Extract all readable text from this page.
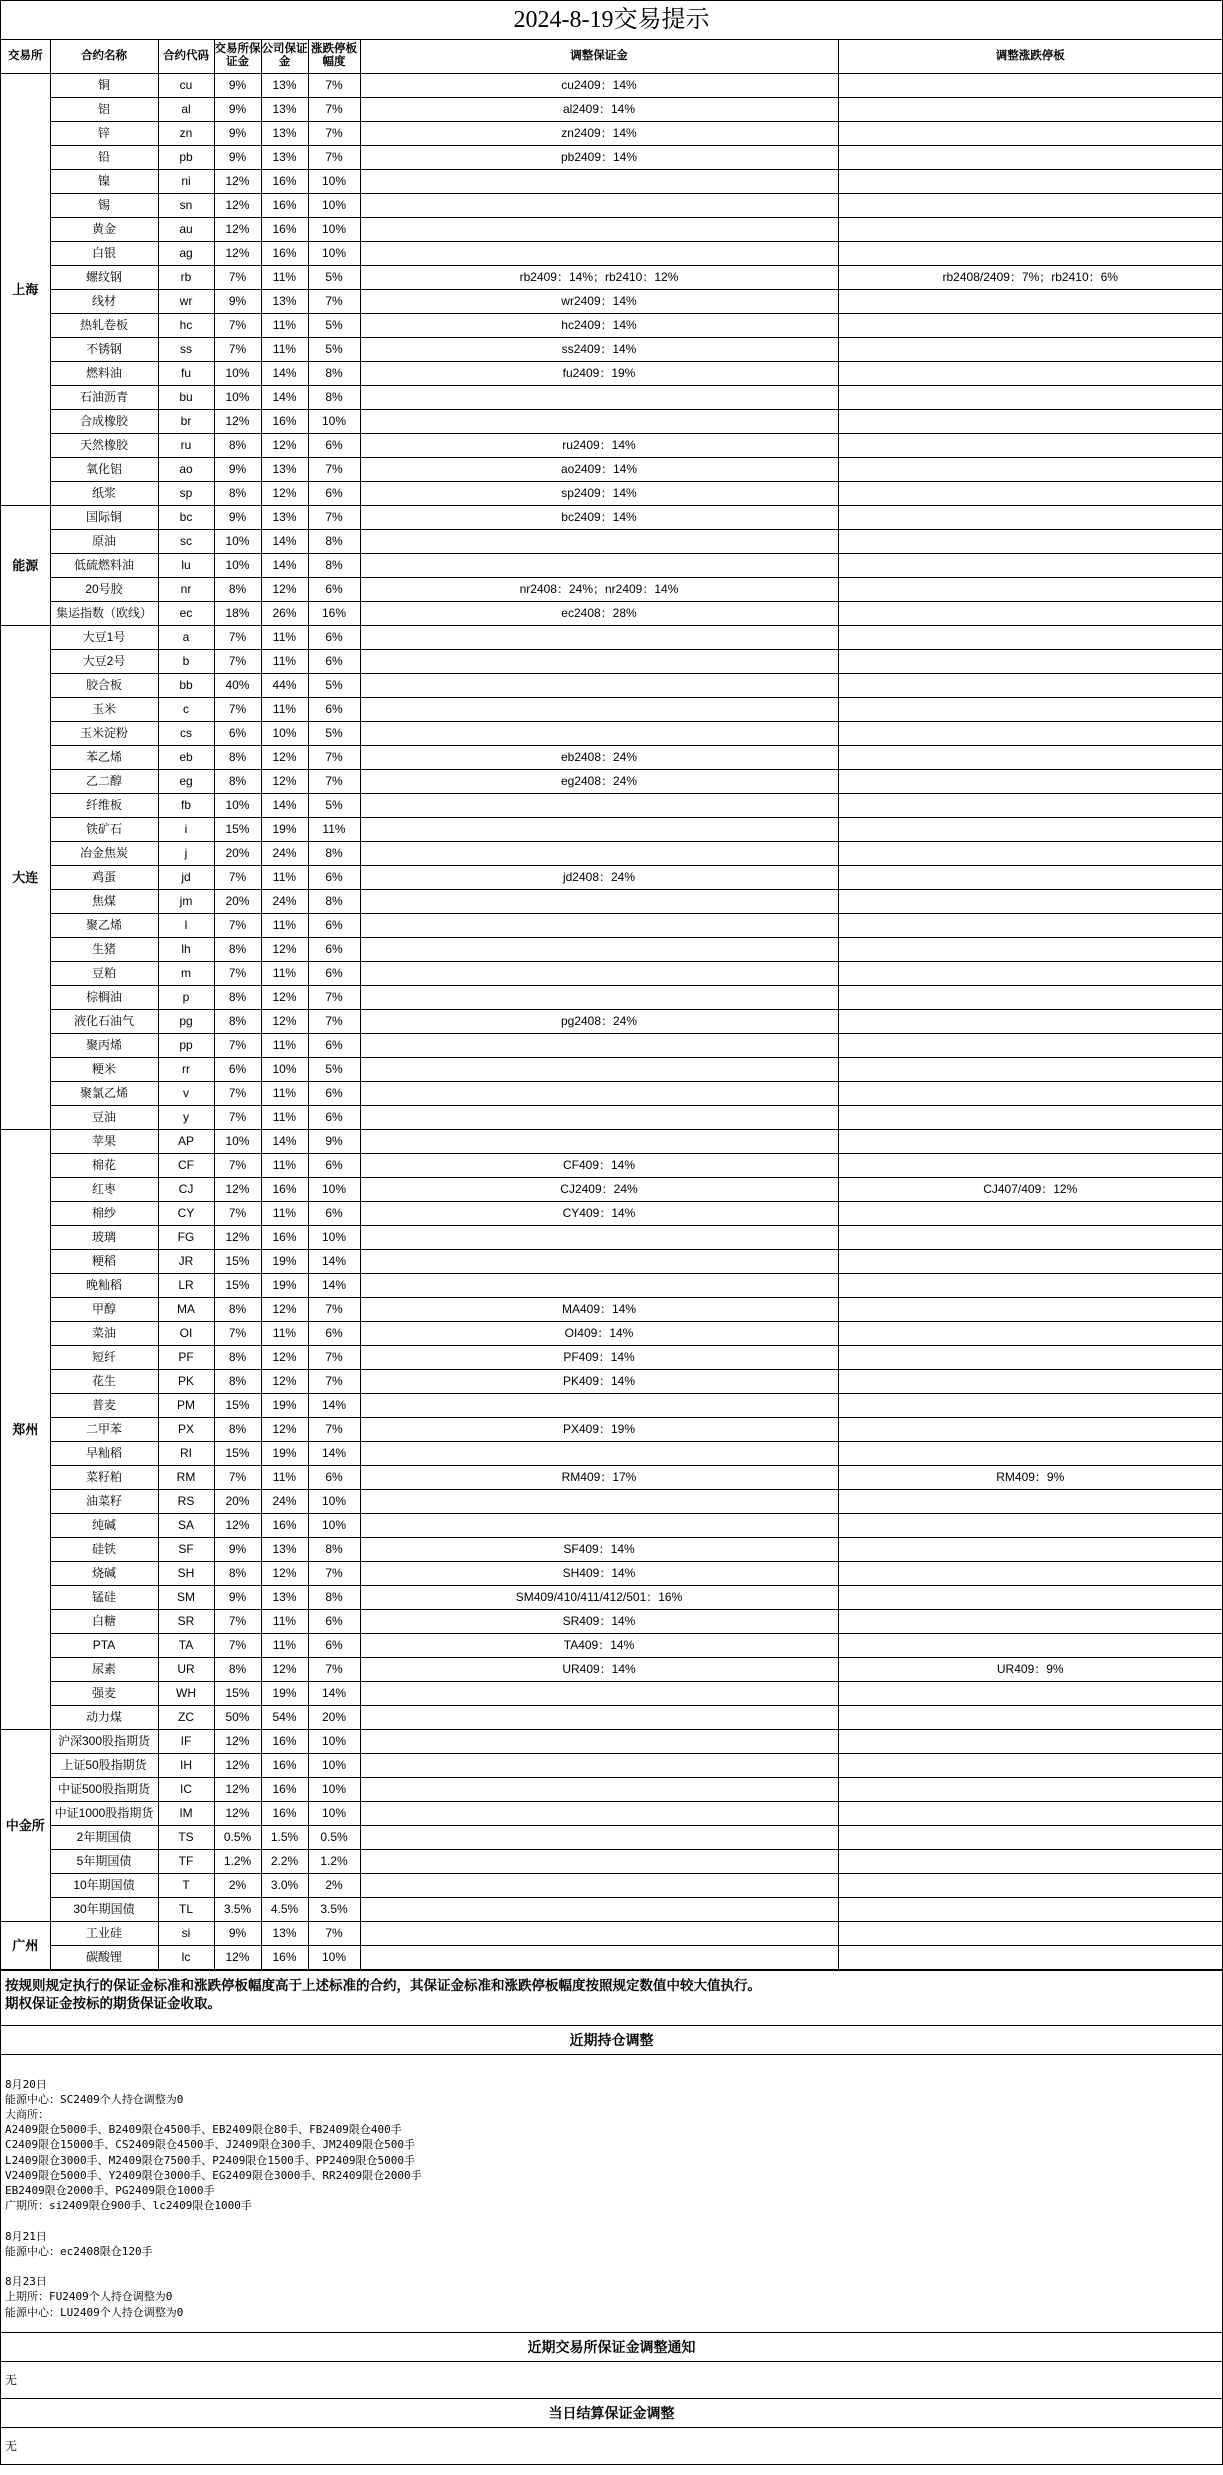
2024-8-19交易提示
交易所	合约名称	合约代码	交易所保证金	公司保证金	涨跌停板幅度	调整保证金	调整涨跌停板
上海	铜	cu	9%	13%	7%	cu2409：14%	
	铝	al	9%	13%	7%	al2409：14%	
	锌	zn	9%	13%	7%	zn2409：14%	
	铅	pb	9%	13%	7%	pb2409：14%	
	镍	ni	12%	16%	10%		
	锡	sn	12%	16%	10%		
	黄金	au	12%	16%	10%		
	白银	ag	12%	16%	10%		
	螺纹钢	rb	7%	11%	5%	rb2409：14%；rb2410：12%	rb2408/2409：7%；rb2410：6%
	线材	wr	9%	13%	7%	wr2409：14%	
	热轧卷板	hc	7%	11%	5%	hc2409：14%	
	不锈钢	ss	7%	11%	5%	ss2409：14%	
	燃料油	fu	10%	14%	8%	fu2409：19%	
	石油沥青	bu	10%	14%	8%		
	合成橡胶	br	12%	16%	10%		
	天然橡胶	ru	8%	12%	6%	ru2409：14%	
	氧化铝	ao	9%	13%	7%	ao2409：14%	
	纸浆	sp	8%	12%	6%	sp2409：14%	
能源	国际铜	bc	9%	13%	7%	bc2409：14%	
	原油	sc	10%	14%	8%		
	低硫燃料油	lu	10%	14%	8%		
	20号胶	nr	8%	12%	6%	nr2408：24%；nr2409：14%	
	集运指数（欧线）	ec	18%	26%	16%	ec2408：28%	
大连	大豆1号	a	7%	11%	6%		
	大豆2号	b	7%	11%	6%		
	胶合板	bb	40%	44%	5%		
	玉米	c	7%	11%	6%		
	玉米淀粉	cs	6%	10%	5%		
	苯乙烯	eb	8%	12%	7%	eb2408：24%	
	乙二醇	eg	8%	12%	7%	eg2408：24%	
	纤维板	fb	10%	14%	5%		
	铁矿石	i	15%	19%	11%		
	冶金焦炭	j	20%	24%	8%		
	鸡蛋	jd	7%	11%	6%	jd2408：24%	
	焦煤	jm	20%	24%	8%		
	聚乙烯	l	7%	11%	6%		
	生猪	lh	8%	12%	6%		
	豆粕	m	7%	11%	6%		
	棕榈油	p	8%	12%	7%		
	液化石油气	pg	8%	12%	7%	pg2408：24%	
	聚丙烯	pp	7%	11%	6%		
	粳米	rr	6%	10%	5%		
	聚氯乙烯	v	7%	11%	6%		
	豆油	y	7%	11%	6%		
郑州	苹果	AP	10%	14%	9%		
	棉花	CF	7%	11%	6%	CF409：14%	
	红枣	CJ	12%	16%	10%	CJ2409：24%	CJ407/409：12%
	棉纱	CY	7%	11%	6%	CY409：14%	
	玻璃	FG	12%	16%	10%		
	粳稻	JR	15%	19%	14%		
	晚籼稻	LR	15%	19%	14%		
	甲醇	MA	8%	12%	7%	MA409：14%	
	菜油	OI	7%	11%	6%	OI409：14%	
	短纤	PF	8%	12%	7%	PF409：14%	
	花生	PK	8%	12%	7%	PK409：14%	
	普麦	PM	15%	19%	14%		
	二甲苯	PX	8%	12%	7%	PX409：19%	
	早籼稻	RI	15%	19%	14%		
	菜籽粕	RM	7%	11%	6%	RM409：17%	RM409：9%
	油菜籽	RS	20%	24%	10%		
	纯碱	SA	12%	16%	10%		
	硅铁	SF	9%	13%	8%	SF409：14%	
	烧碱	SH	8%	12%	7%	SH409：14%	
	锰硅	SM	9%	13%	8%	SM409/410/411/412/501：16%	
	白糖	SR	7%	11%	6%	SR409：14%	
	PTA	TA	7%	11%	6%	TA409：14%	
	尿素	UR	8%	12%	7%	UR409：14%	UR409：9%
	强麦	WH	15%	19%	14%		
	动力煤	ZC	50%	54%	20%		
中金所	沪深300股指期货	IF	12%	16%	10%		
	上证50股指期货	IH	12%	16%	10%		
	中证500股指期货	IC	12%	16%	10%		
	中证1000股指期货	IM	12%	16%	10%		
	2年期国债	TS	0.5%	1.5%	0.5%		
	5年期国债	TF	1.2%	2.2%	1.2%		
	10年期国债	T	2%	3.0%	2%		
	30年期国债	TL	3.5%	4.5%	3.5%		
广州	工业硅	si	9%	13%	7%		
	碳酸锂	lc	12%	16%	10%		
按规则规定执行的保证金标准和涨跌停板幅度高于上述标准的合约，其保证金标准和涨跌停板幅度按照规定数值中较大值执行。
期权保证金按标的期货保证金收取。
近期持仓调整
8月20日
能源中心：SC2409个人持仓调整为0
大商所：
A2409限仓5000手、B2409限仓4500手、EB2409限仓80手、FB2409限仓400手
C2409限仓15000手、CS2409限仓4500手、J2409限仓300手、JM2409限仓500手
L2409限仓3000手、M2409限仓7500手、P2409限仓1500手、PP2409限仓5000手
V2409限仓5000手、Y2409限仓3000手、EG2409限仓3000手、RR2409限仓2000手
EB2409限仓2000手、PG2409限仓1000手
广期所：si2409限仓900手、lc2409限仓1000手
8月21日
能源中心：ec2408限仓120手
8月23日
上期所：FU2409个人持仓调整为0
能源中心：LU2409个人持仓调整为0
近期交易所保证金调整通知
无
当日结算保证金调整
无
